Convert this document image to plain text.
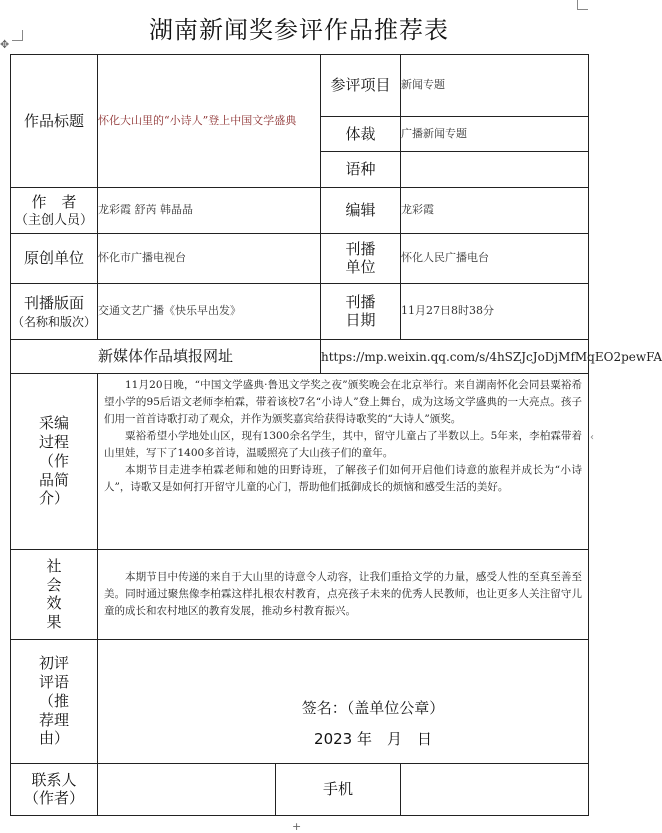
湖南新闻奖参评作品推荐表
✥
‹
+
作品标题	怀化大山里的“小诗人”登上中国文学盛典		参评项目	新闻专题
			体裁	广播新闻专题
			语种	

作　者
（主创人员）	龙彩霞 舒芮 韩晶晶		编辑	龙彩霞
原创单位	怀化市广播电视台		刊播单位	怀化人民广播电台

刊播版面
（名称和版次）	交通文艺广播《快乐早出发》		刊播日期	11月27日8时38分
新媒体作品填报网址			https://mp.weixin.qq.com/s/4hSZJcJoDjMfMqEO2pewFA	
采编过程（作品简介）	11月20日晚，“中国文学盛典·鲁迅文学奖之夜”颁奖晚会在北京举行。来自湖南怀化会同县粟裕希望小学的95后语文老师李柏霖，带着该校7名“小诗人”登上舞台，成为这场文学盛典的一大亮点。孩子们用一首首诗歌打动了观众，并作为颁奖嘉宾给获得诗歌奖的“大诗人”颁奖。

粟裕希望小学地处山区，现有1300余名学生，其中，留守儿童占了半数以上。5年来，李柏霖带着山里娃，写下了1400多首诗，温暖照亮了大山孩子们的童年。

本期节目走进李柏霖老师和她的田野诗班，了解孩子们如何开启他们诗意的旅程并成长为“小诗人”，诗歌又是如何打开留守儿童的心门，帮助他们抵御成长的烦恼和感受生活的美好。			

社会效果	本期节目中传递的来自于大山里的诗意令人动容，让我们重拾文学的力量，感受人性的至真至善至美。同时通过聚焦像李柏霖这样扎根农村教育，点亮孩子未来的优秀人民教师，也让更多人关注留守儿童的成长和农村地区的教育发展，推动乡村教育振兴。			

初评评语（推荐理由）	签名：（盖单位公章）
2023 年　月　日			

联系人（作者）		手机		
